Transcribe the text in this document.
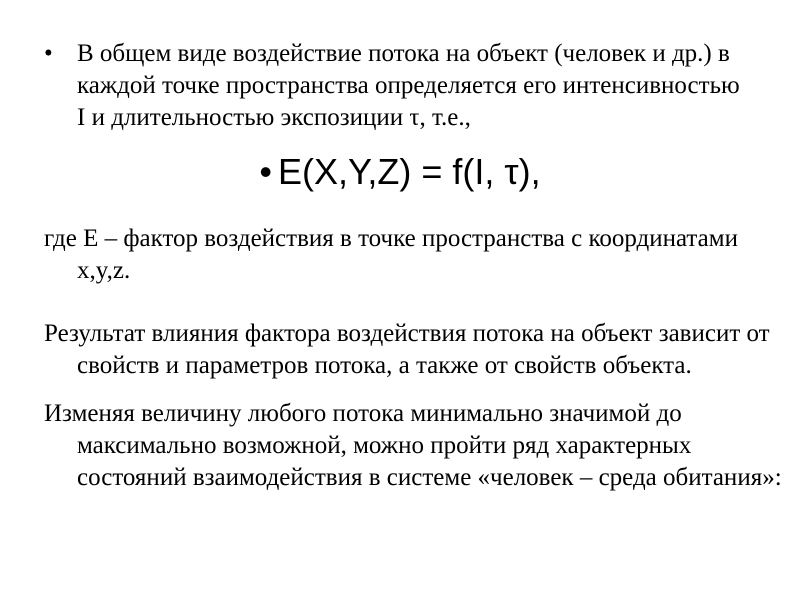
• В общем виде воздействие потока на объект (человек и др.) в каждой точке пространства определяется его интенсивностью I и длительностью экспозиции τ, т.е.,
• E(X,Y,Z) = f(I, τ),
где Е – фактор воздействия в точке пространства с координатами x,y,z.
Результат влияния фактора воздействия потока на объект зависит от свойств и параметров потока, а также от свойств объекта.
Изменяя величину любого потока минимально значимой до максимально возможной, можно пройти ряд характерных состояний взаимодействия в системе «человек – среда обитания»:
